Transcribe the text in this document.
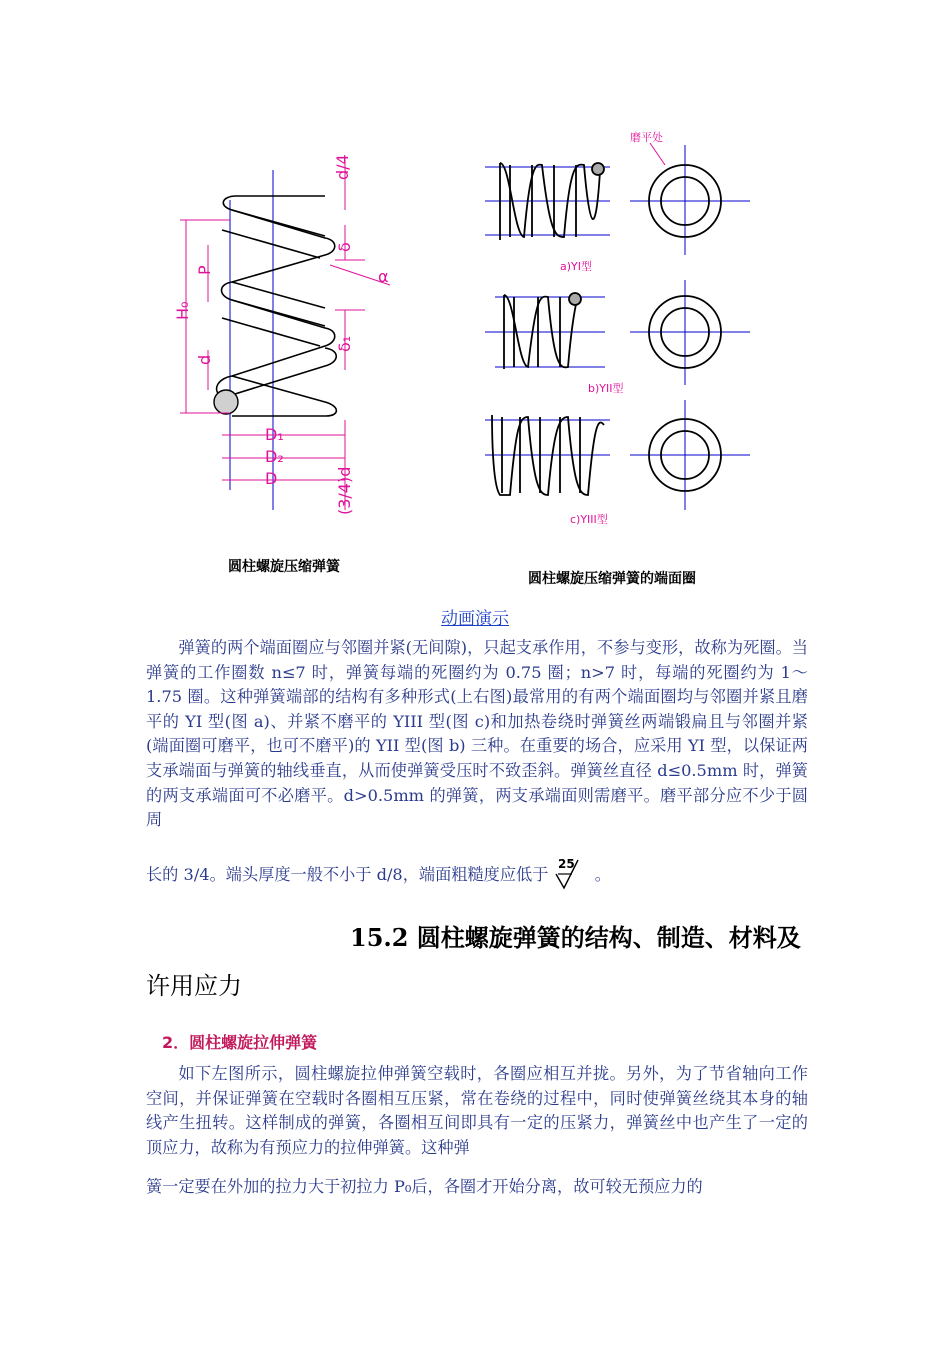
d/4
δ
P	α
H₀
d
δ₁
D₁
D₂
D	(3/4)d
圆柱螺旋压缩弹簧
磨平处
a)YI型
b)YII型
c)YIII型
圆柱螺旋压缩弹簧的端面圈
动画演示

弹簧的两个端面圈应与邻圈并紧(无间隙)，只起支承作用，不参与变形，故称为死圈。当弹簧的工作圈数 n≤7 时，弹簧每端的死圈约为 0.75 圈；n>7 时，每端的死圈约为 1～1.75 圈。这种弹簧端部的结构有多种形式(上右图)最常用的有两个端面圈均与邻圈并紧且磨平的 YI 型(图 a)、并紧不磨平的 YIII 型(图 c)和加热卷绕时弹簧丝两端锻扁且与邻圈并紧(端面圈可磨平，也可不磨平)的 YII 型(图 b) 三种。在重要的场合，应采用 YI 型，以保证两支承端面与弹簧的轴线垂直，从而使弹簧受压时不致歪斜。弹簧丝直径 d≤0.5mm 时，弹簧的两支承端面可不必磨平。d>0.5mm 的弹簧，两支承端面则需磨平。磨平部分应不少于圆周

长的 3/4。端头厚度一般不小于 d/8，端面粗糙度应低于
25
。
15.2 圆柱螺旋弹簧的结构、制造、材料及
许用应力
2．圆柱螺旋拉伸弹簧

如下左图所示，圆柱螺旋拉伸弹簧空载时，各圈应相互并拢。另外，为了节省轴向工作空间，并保证弹簧在空载时各圈相互压紧，常在卷绕的过程中，同时使弹簧丝绕其本身的轴线产生扭转。这样制成的弹簧，各圈相互间即具有一定的压紧力，弹簧丝中也产生了一定的顶应力，故称为有预应力的拉伸弹簧。这种弹

簧一定要在外加的拉力大于初拉力 P₀后，各圈才开始分离，故可较无预应力的
